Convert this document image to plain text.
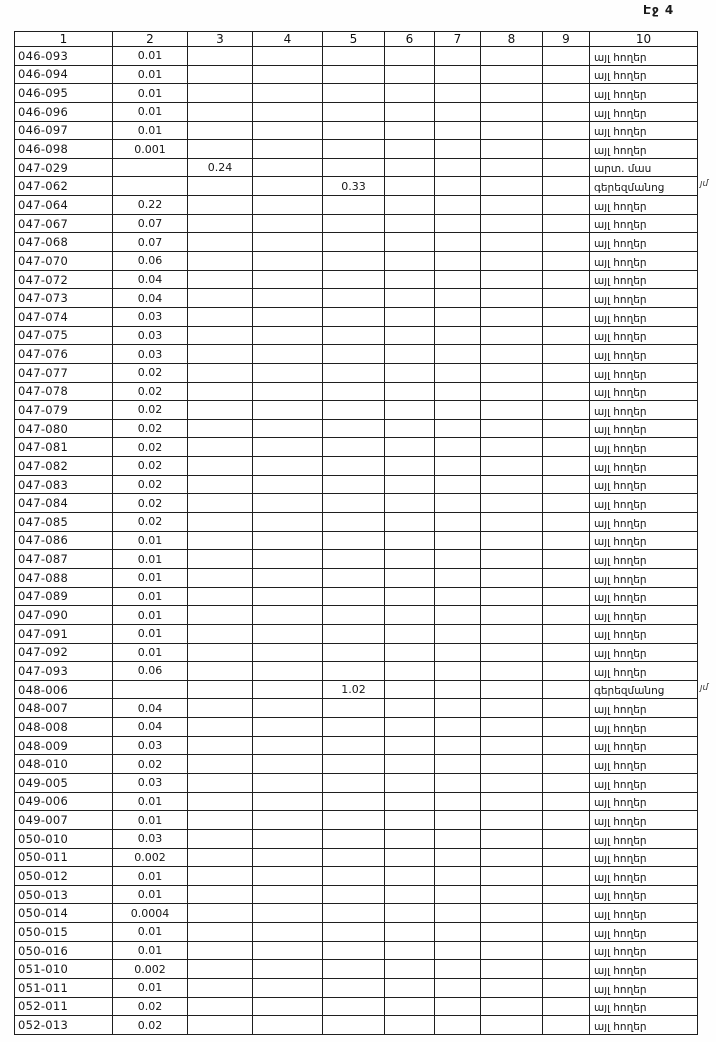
Էջ 4
1	2	3	4	5	6	7	8	9	10
046-093	0.01								այլ հողեր
046-094	0.01								այլ հողեր
046-095	0.01								այլ հողեր
046-096	0.01								այլ հողեր
046-097	0.01								այլ հողեր
046-098	0.001								այլ հողեր
047-029		0.24							արտ. մաս
047-062				0.33					գերեզմանոց
047-064	0.22								այլ հողեր
047-067	0.07								այլ հողեր
047-068	0.07								այլ հողեր
047-070	0.06								այլ հողեր
047-072	0.04								այլ հողեր
047-073	0.04								այլ հողեր
047-074	0.03								այլ հողեր
047-075	0.03								այլ հողեր
047-076	0.03								այլ հողեր
047-077	0.02								այլ հողեր
047-078	0.02								այլ հողեր
047-079	0.02								այլ հողեր
047-080	0.02								այլ հողեր
047-081	0.02								այլ հողեր
047-082	0.02								այլ հողեր
047-083	0.02								այլ հողեր
047-084	0.02								այլ հողեր
047-085	0.02								այլ հողեր
047-086	0.01								այլ հողեր
047-087	0.01								այլ հողեր
047-088	0.01								այլ հողեր
047-089	0.01								այլ հողեր
047-090	0.01								այլ հողեր
047-091	0.01								այլ հողեր
047-092	0.01								այլ հողեր
047-093	0.06								այլ հողեր
048-006				1.02					գերեզմանոց
048-007	0.04								այլ հողեր
048-008	0.04								այլ հողեր
048-009	0.03								այլ հողեր
048-010	0.02								այլ հողեր
049-005	0.03								այլ հողեր
049-006	0.01								այլ հողեր
049-007	0.01								այլ հողեր
050-010	0.03								այլ հողեր
050-011	0.002								այլ հողեր
050-012	0.01								այլ հողեր
050-013	0.01								այլ հողեր
050-014	0.0004								այլ հողեր
050-015	0.01								այլ հողեր
050-016	0.01								այլ հողեր
051-010	0.002								այլ հողեր
051-011	0.01								այլ հողեր
052-011	0.02								այլ հողեր
052-013	0.02								այլ հողեր
յմ
յմ
